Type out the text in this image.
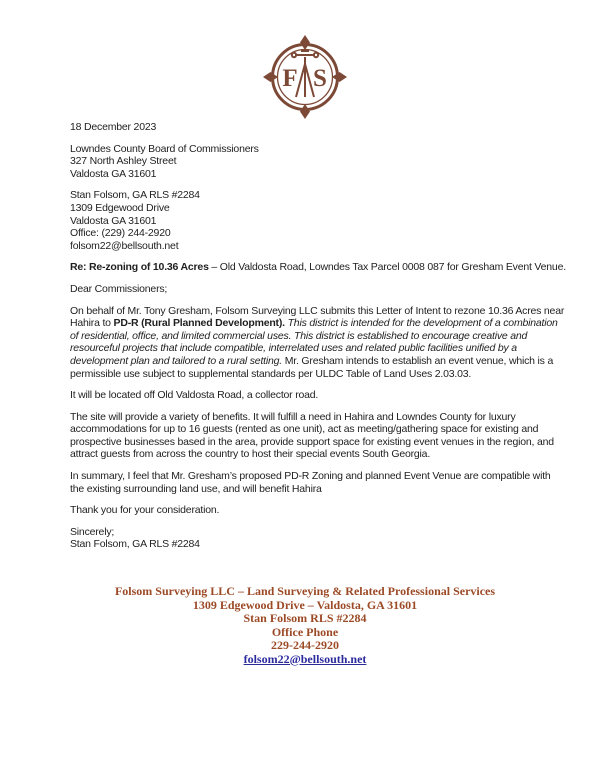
F S

18 December 2023

Lowndes County Board of Commissioners
327 North Ashley Street
Valdosta GA 31601

Stan Folsom, GA RLS #2284
1309 Edgewood Drive
Valdosta GA 31601
Office: (229) 244-2920
folsom22@bellsouth.net

Re: Re-zoning of 10.36 Acres – Old Valdosta Road, Lowndes Tax Parcel 0008 087 for Gresham Event Venue.

Dear Commissioners;

On behalf of Mr. Tony Gresham, Folsom Surveying LLC submits this Letter of Intent to rezone 10.36 Acres near Hahira to PD-R (Rural Planned Development). This district is intended for the development of a combination of residential, office, and limited commercial uses. This district is established to encourage creative and resourceful projects that include compatible, interrelated uses and related public facilities unified by a development plan and tailored to a rural setting. Mr. Gresham intends to establish an event venue, which is a permissible use subject to supplemental standards per ULDC Table of Land Uses 2.03.03.

It will be located off Old Valdosta Road, a collector road.

The site will provide a variety of benefits. It will fulfill a need in Hahira and Lowndes County for luxury accommodations for up to 16 guests (rented as one unit), act as meeting/gathering space for existing and prospective businesses based in the area, provide support space for existing event venues in the region, and attract guests from across the country to host their special events South Georgia.

In summary, I feel that Mr. Gresham’s proposed PD-R Zoning and planned Event Venue are compatible with the existing surrounding land use, and will benefit Hahira

Thank you for your consideration.

Sincerely;

Stan Folsom, GA RLS #2284

Folsom Surveying LLC – Land Surveying & Related Professional Services
1309 Edgewood Drive – Valdosta, GA 31601
Stan Folsom RLS #2284
Office Phone
229-244-2920
folsom22@bellsouth.net
